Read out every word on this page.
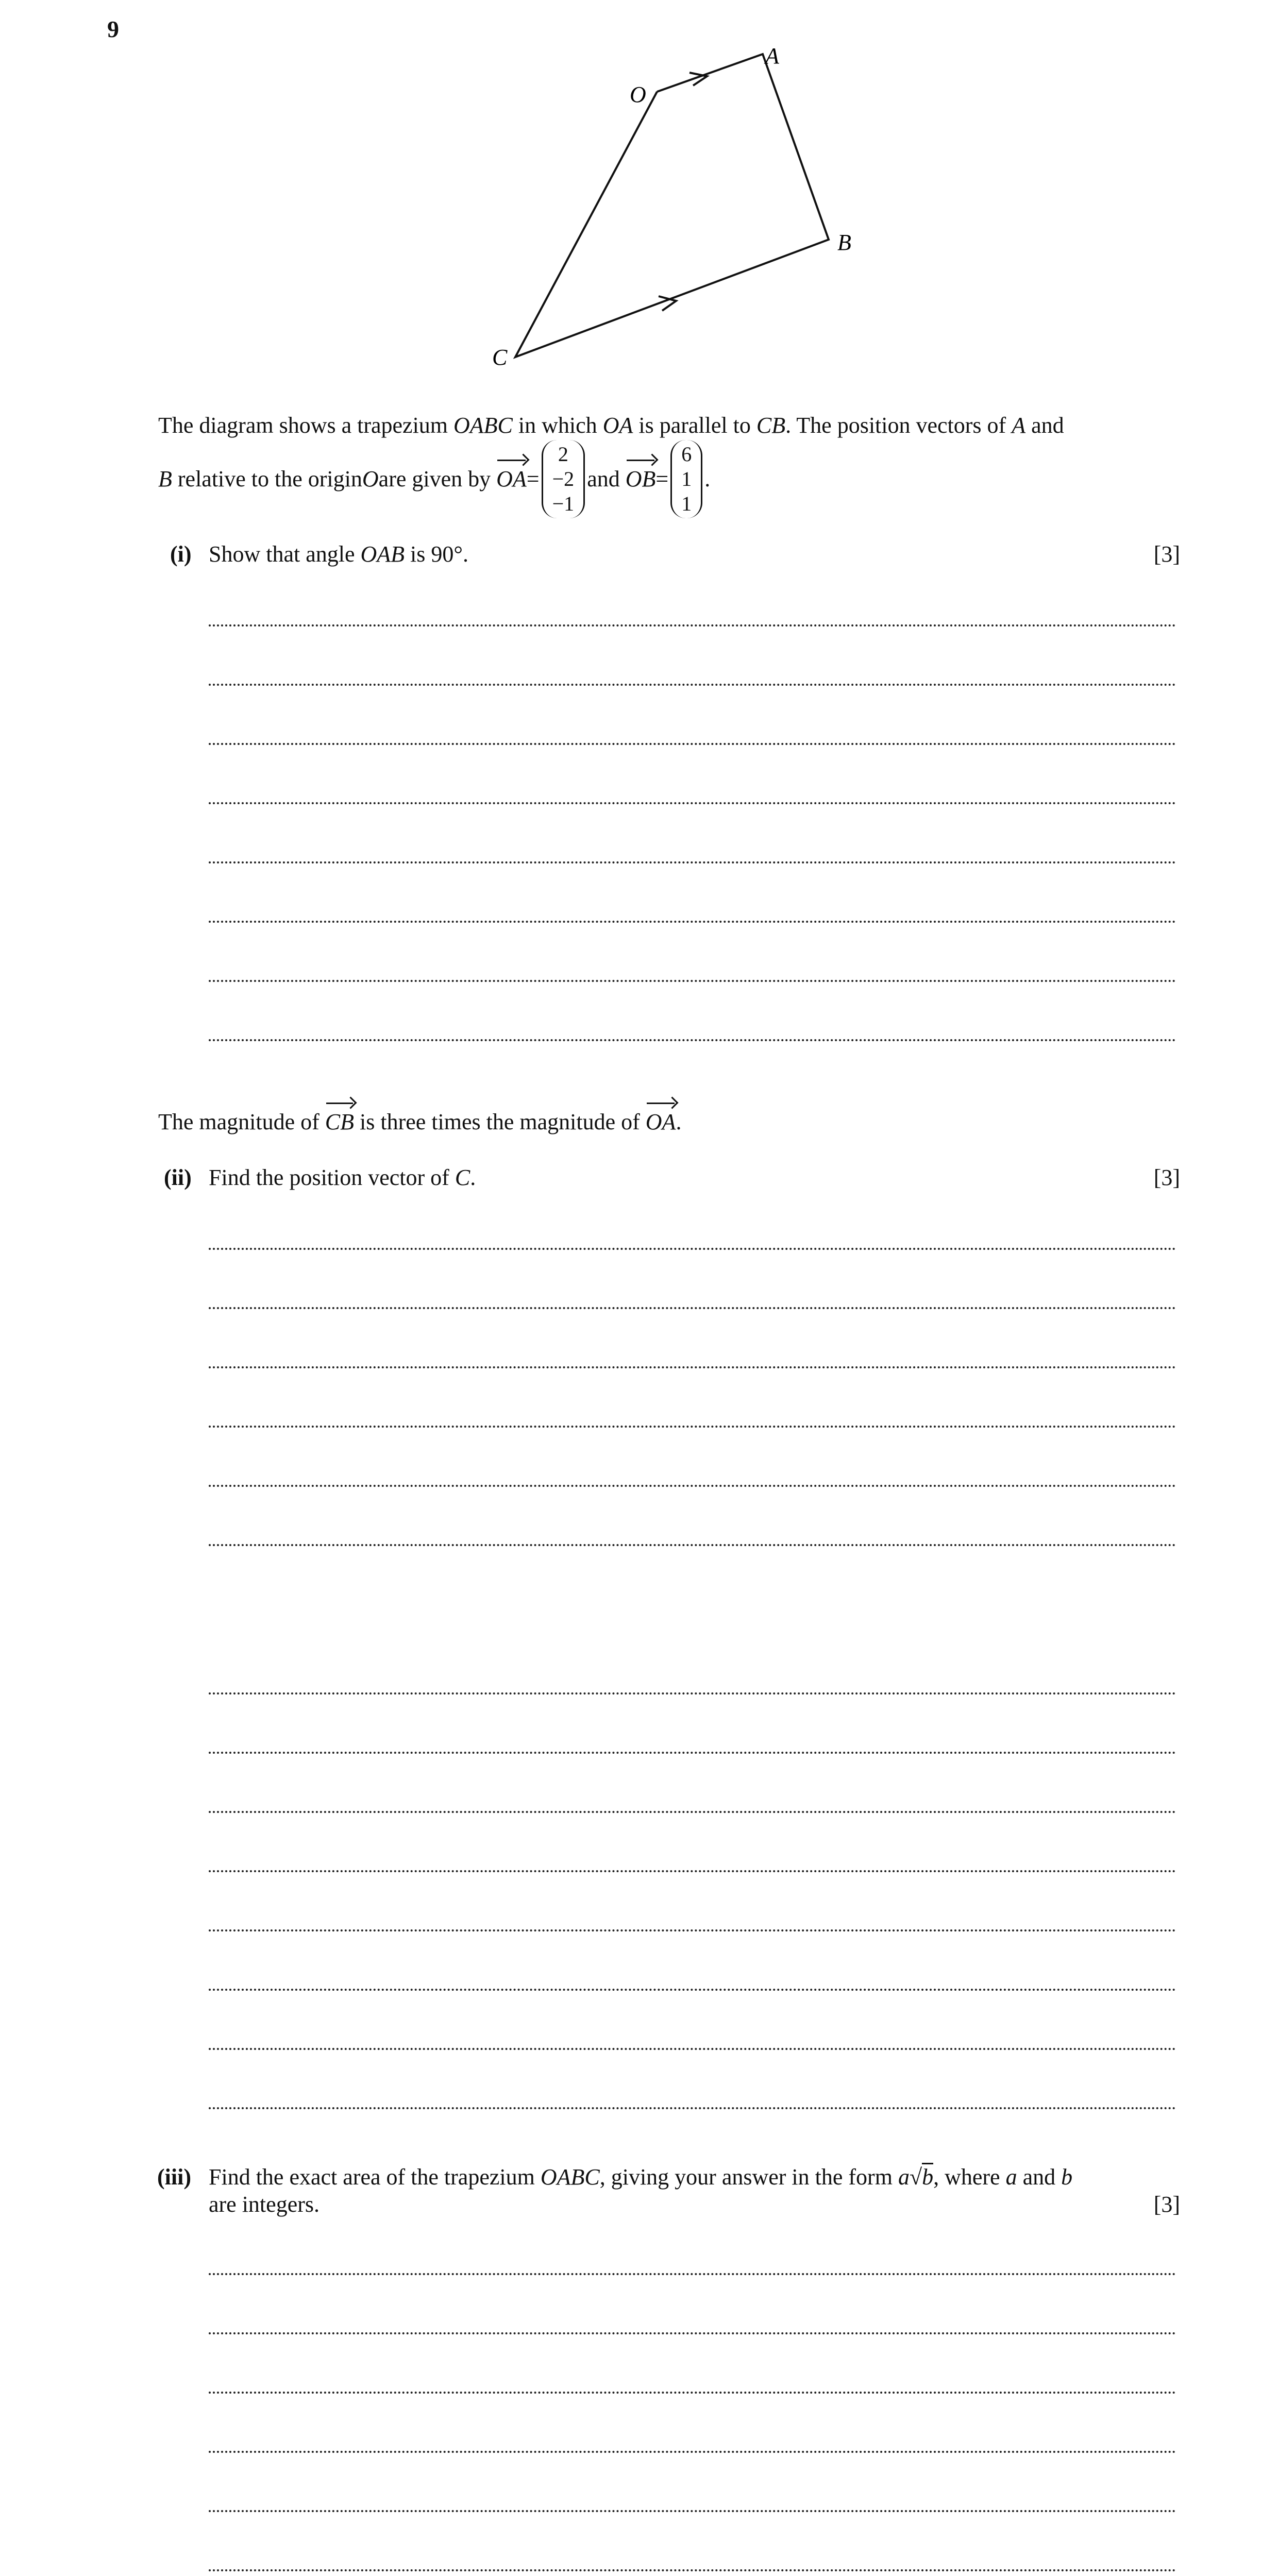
9
O
A
B
C
The diagram shows a trapezium OABC in which OA is parallel to CB. The position vectors of A and
B
relative to the origin O are given by
OA =
2
−2
−1
and
OB =
6
1
1
.
(i) Show that angle OAB is 90°.	[3]
The magnitude of CB is three times the magnitude of OA.
(ii) Find the position vector of C.	[3]
(iii) Find the exact area of the trapezium OABC, giving your answer in the form a√b, where a and b
are integers.	[3]
